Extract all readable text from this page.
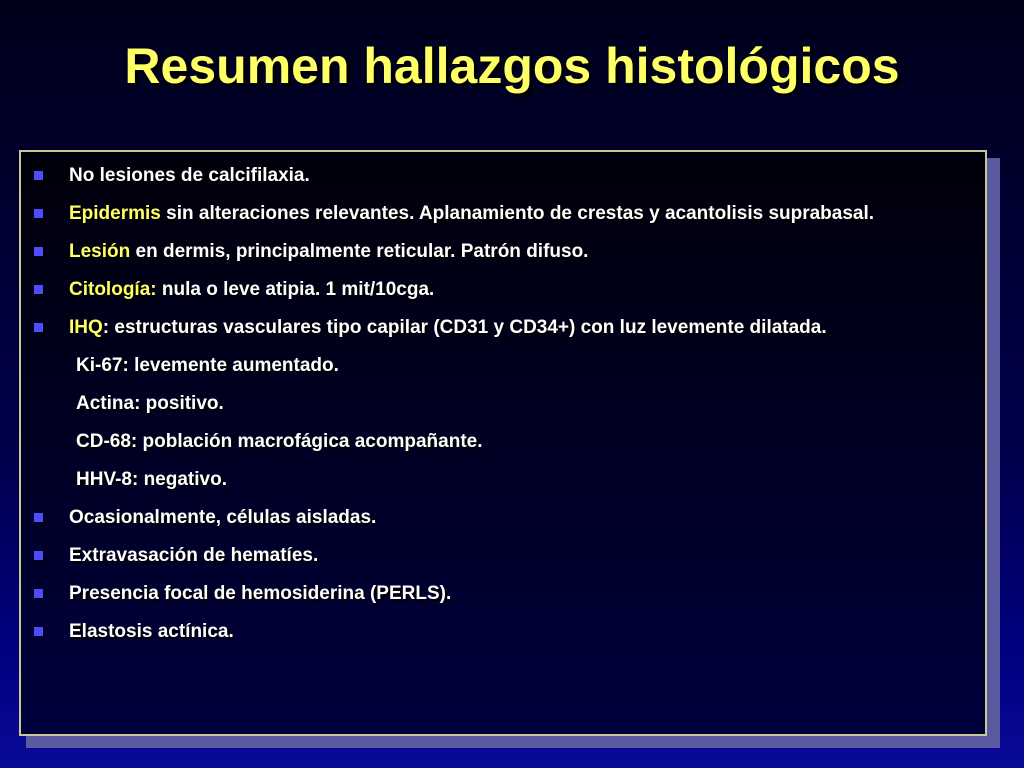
Resumen hallazgos histológicos
No lesiones de calcifilaxia.
Epidermis sin alteraciones relevantes. Aplanamiento de crestas y acantolisis suprabasal.
Lesión en dermis, principalmente reticular. Patrón difuso.
Citología: nula o leve atipia. 1 mit/10cga.
IHQ: estructuras vasculares tipo capilar (CD31 y CD34+) con luz levemente dilatada.
Ki-67: levemente aumentado.
Actina: positivo.
CD-68: población macrofágica acompañante.
HHV-8: negativo.
Ocasionalmente, células aisladas.
Extravasación de hematíes.
Presencia focal de hemosiderina (PERLS).
Elastosis actínica.
